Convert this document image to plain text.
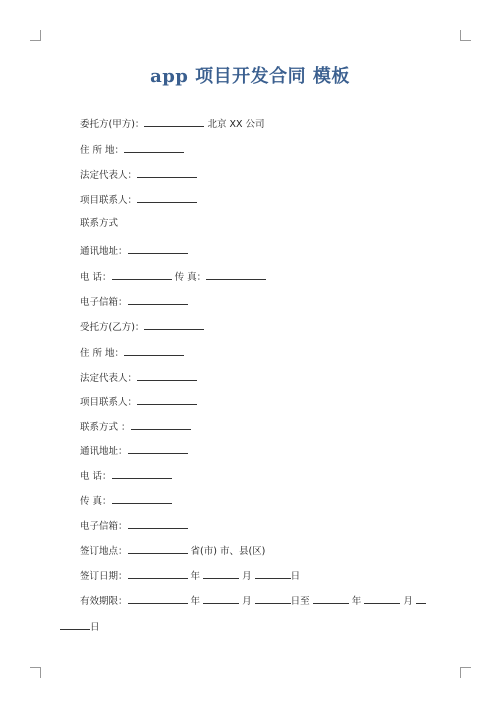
app 项目开发合同 模板
委托方(甲方)：	北京 XX 公司
住 所 地：
法定代表人：
项目联系人：
联系方式
通讯地址：
电 话：	传 真：
电子信箱：
受托方(乙方)：
住 所 地：
法定代表人：
项目联系人：
联系方式 ：
通讯地址：
电 话：
传 真：
电子信箱：
签订地点：	省(市) 市、县(区)
签订日期：	年	月	日
有效期限：	年	月	日至	年	月
日
